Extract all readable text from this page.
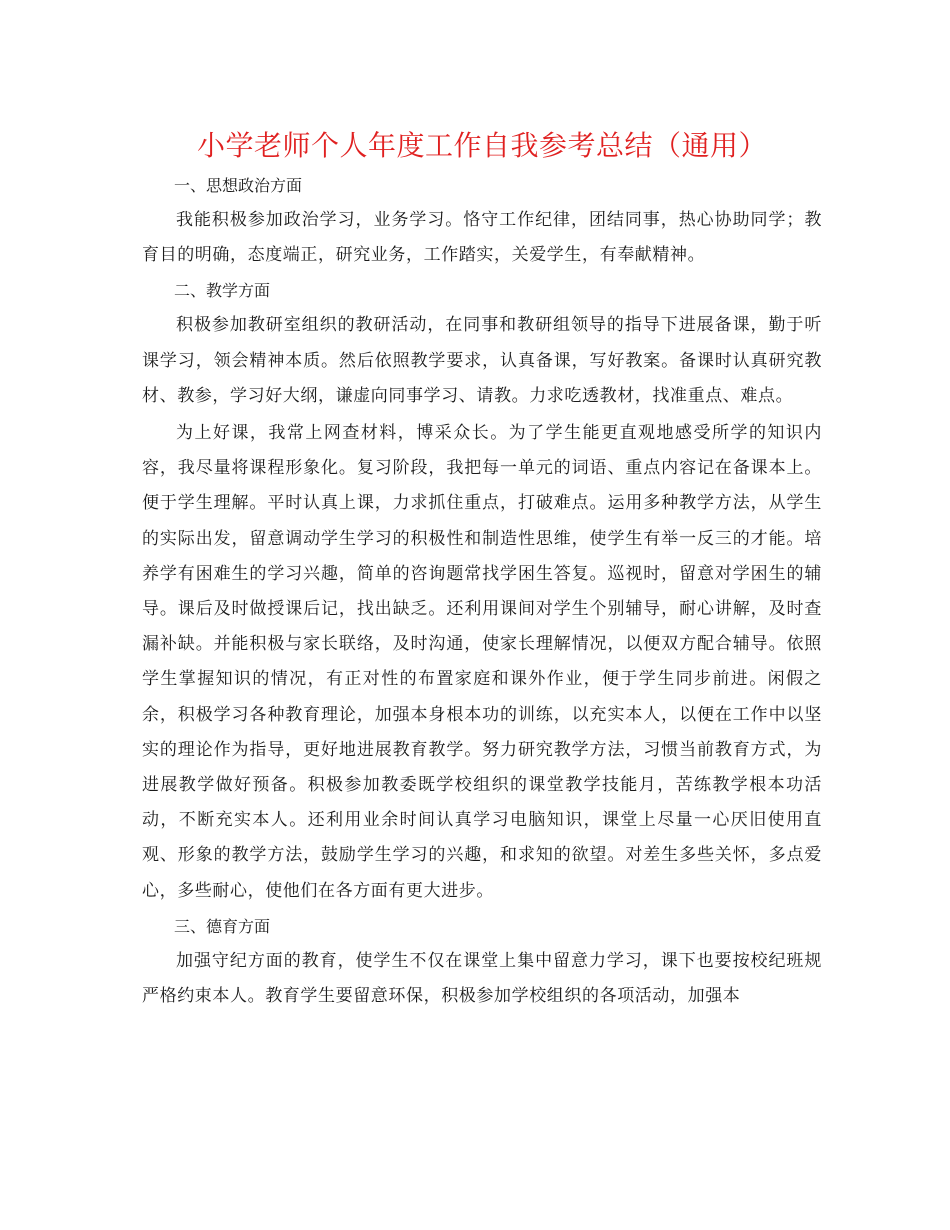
小学老师个人年度工作自我参考总结（通用）
一、思想政治方面

我能积极参加政治学习，业务学习。恪守工作纪律，团结同事，热心协助同学；教育目的明确，态度端正，研究业务，工作踏实，关爱学生，有奉献精神。

二、教学方面

积极参加教研室组织的教研活动，在同事和教研组领导的指导下进展备课，勤于听课学习，领会精神本质。然后依照教学要求，认真备课，写好教案。备课时认真研究教材、教参，学习好大纲，谦虚向同事学习、请教。力求吃透教材，找准重点、难点。

为上好课，我常上网查材料，博采众长。为了学生能更直观地感受所学的知识内容，我尽量将课程形象化。复习阶段，我把每一单元的词语、重点内容记在备课本上。便于学生理解。平时认真上课，力求抓住重点，打破难点。运用多种教学方法，从学生的实际出发，留意调动学生学习的积极性和制造性思维，使学生有举一反三的才能。培养学有困难生的学习兴趣，简单的咨询题常找学困生答复。巡视时，留意对学困生的辅导。课后及时做授课后记，找出缺乏。还利用课间对学生个别辅导，耐心讲解，及时查漏补缺。并能积极与家长联络，及时沟通，使家长理解情况，以便双方配合辅导。依照学生掌握知识的情况，有正对性的布置家庭和课外作业，便于学生同步前进。闲假之余，积极学习各种教育理论，加强本身根本功的训练，以充实本人，以便在工作中以坚实的理论作为指导，更好地进展教育教学。努力研究教学方法，习惯当前教育方式，为进展教学做好预备。积极参加教委既学校组织的课堂教学技能月，苦练教学根本功活动，不断充实本人。还利用业余时间认真学习电脑知识，课堂上尽量一心厌旧使用直观、形象的教学方法，鼓励学生学习的兴趣，和求知的欲望。对差生多些关怀，多点爱心，多些耐心，使他们在各方面有更大进步。

三、德育方面

加强守纪方面的教育，使学生不仅在课堂上集中留意力学习，课下也要按校纪班规严格约束本人。教育学生要留意环保，积极参加学校组织的各项活动，加强本
